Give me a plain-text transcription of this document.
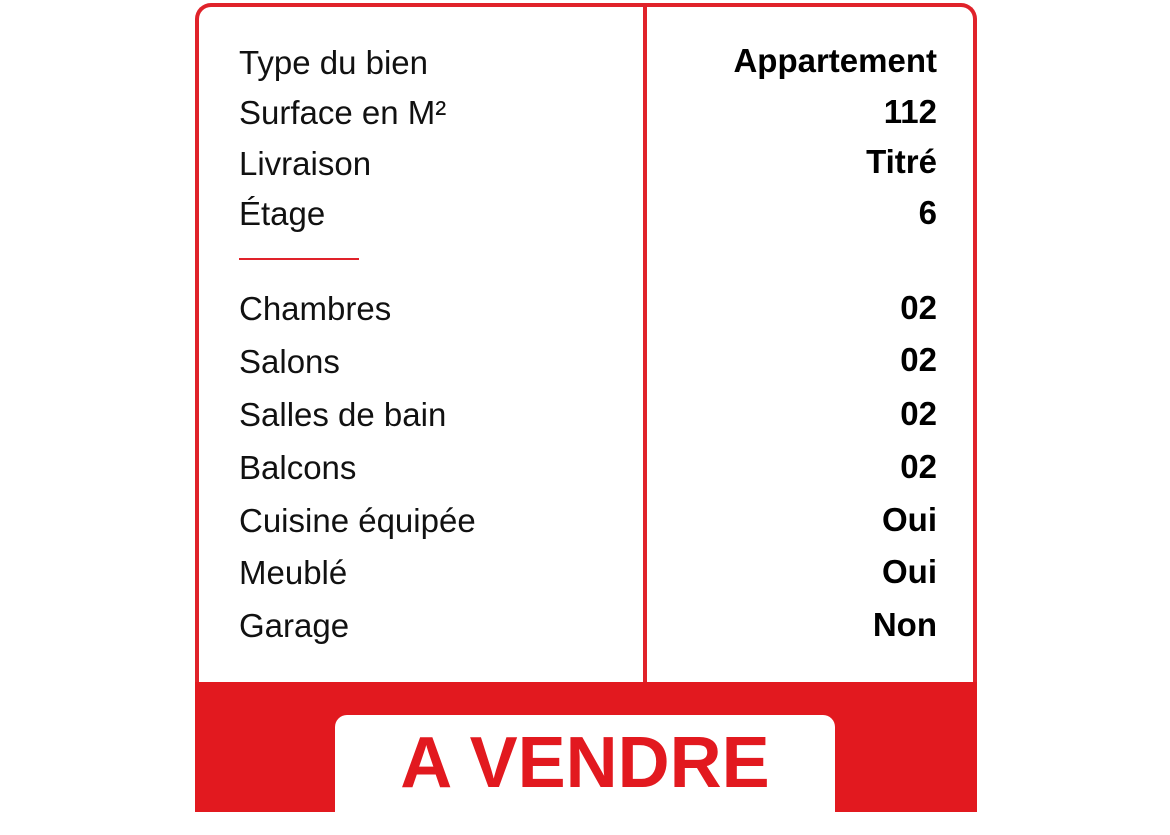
Type du bien
Surface en M²
Livraison
Étage
Chambres
Salons
Salles de bain
Balcons
Cuisine équipée
Meublé
Garage
Appartement
112
Titré
6
02
02
02
02
Oui
Oui
Non
A VENDRE
